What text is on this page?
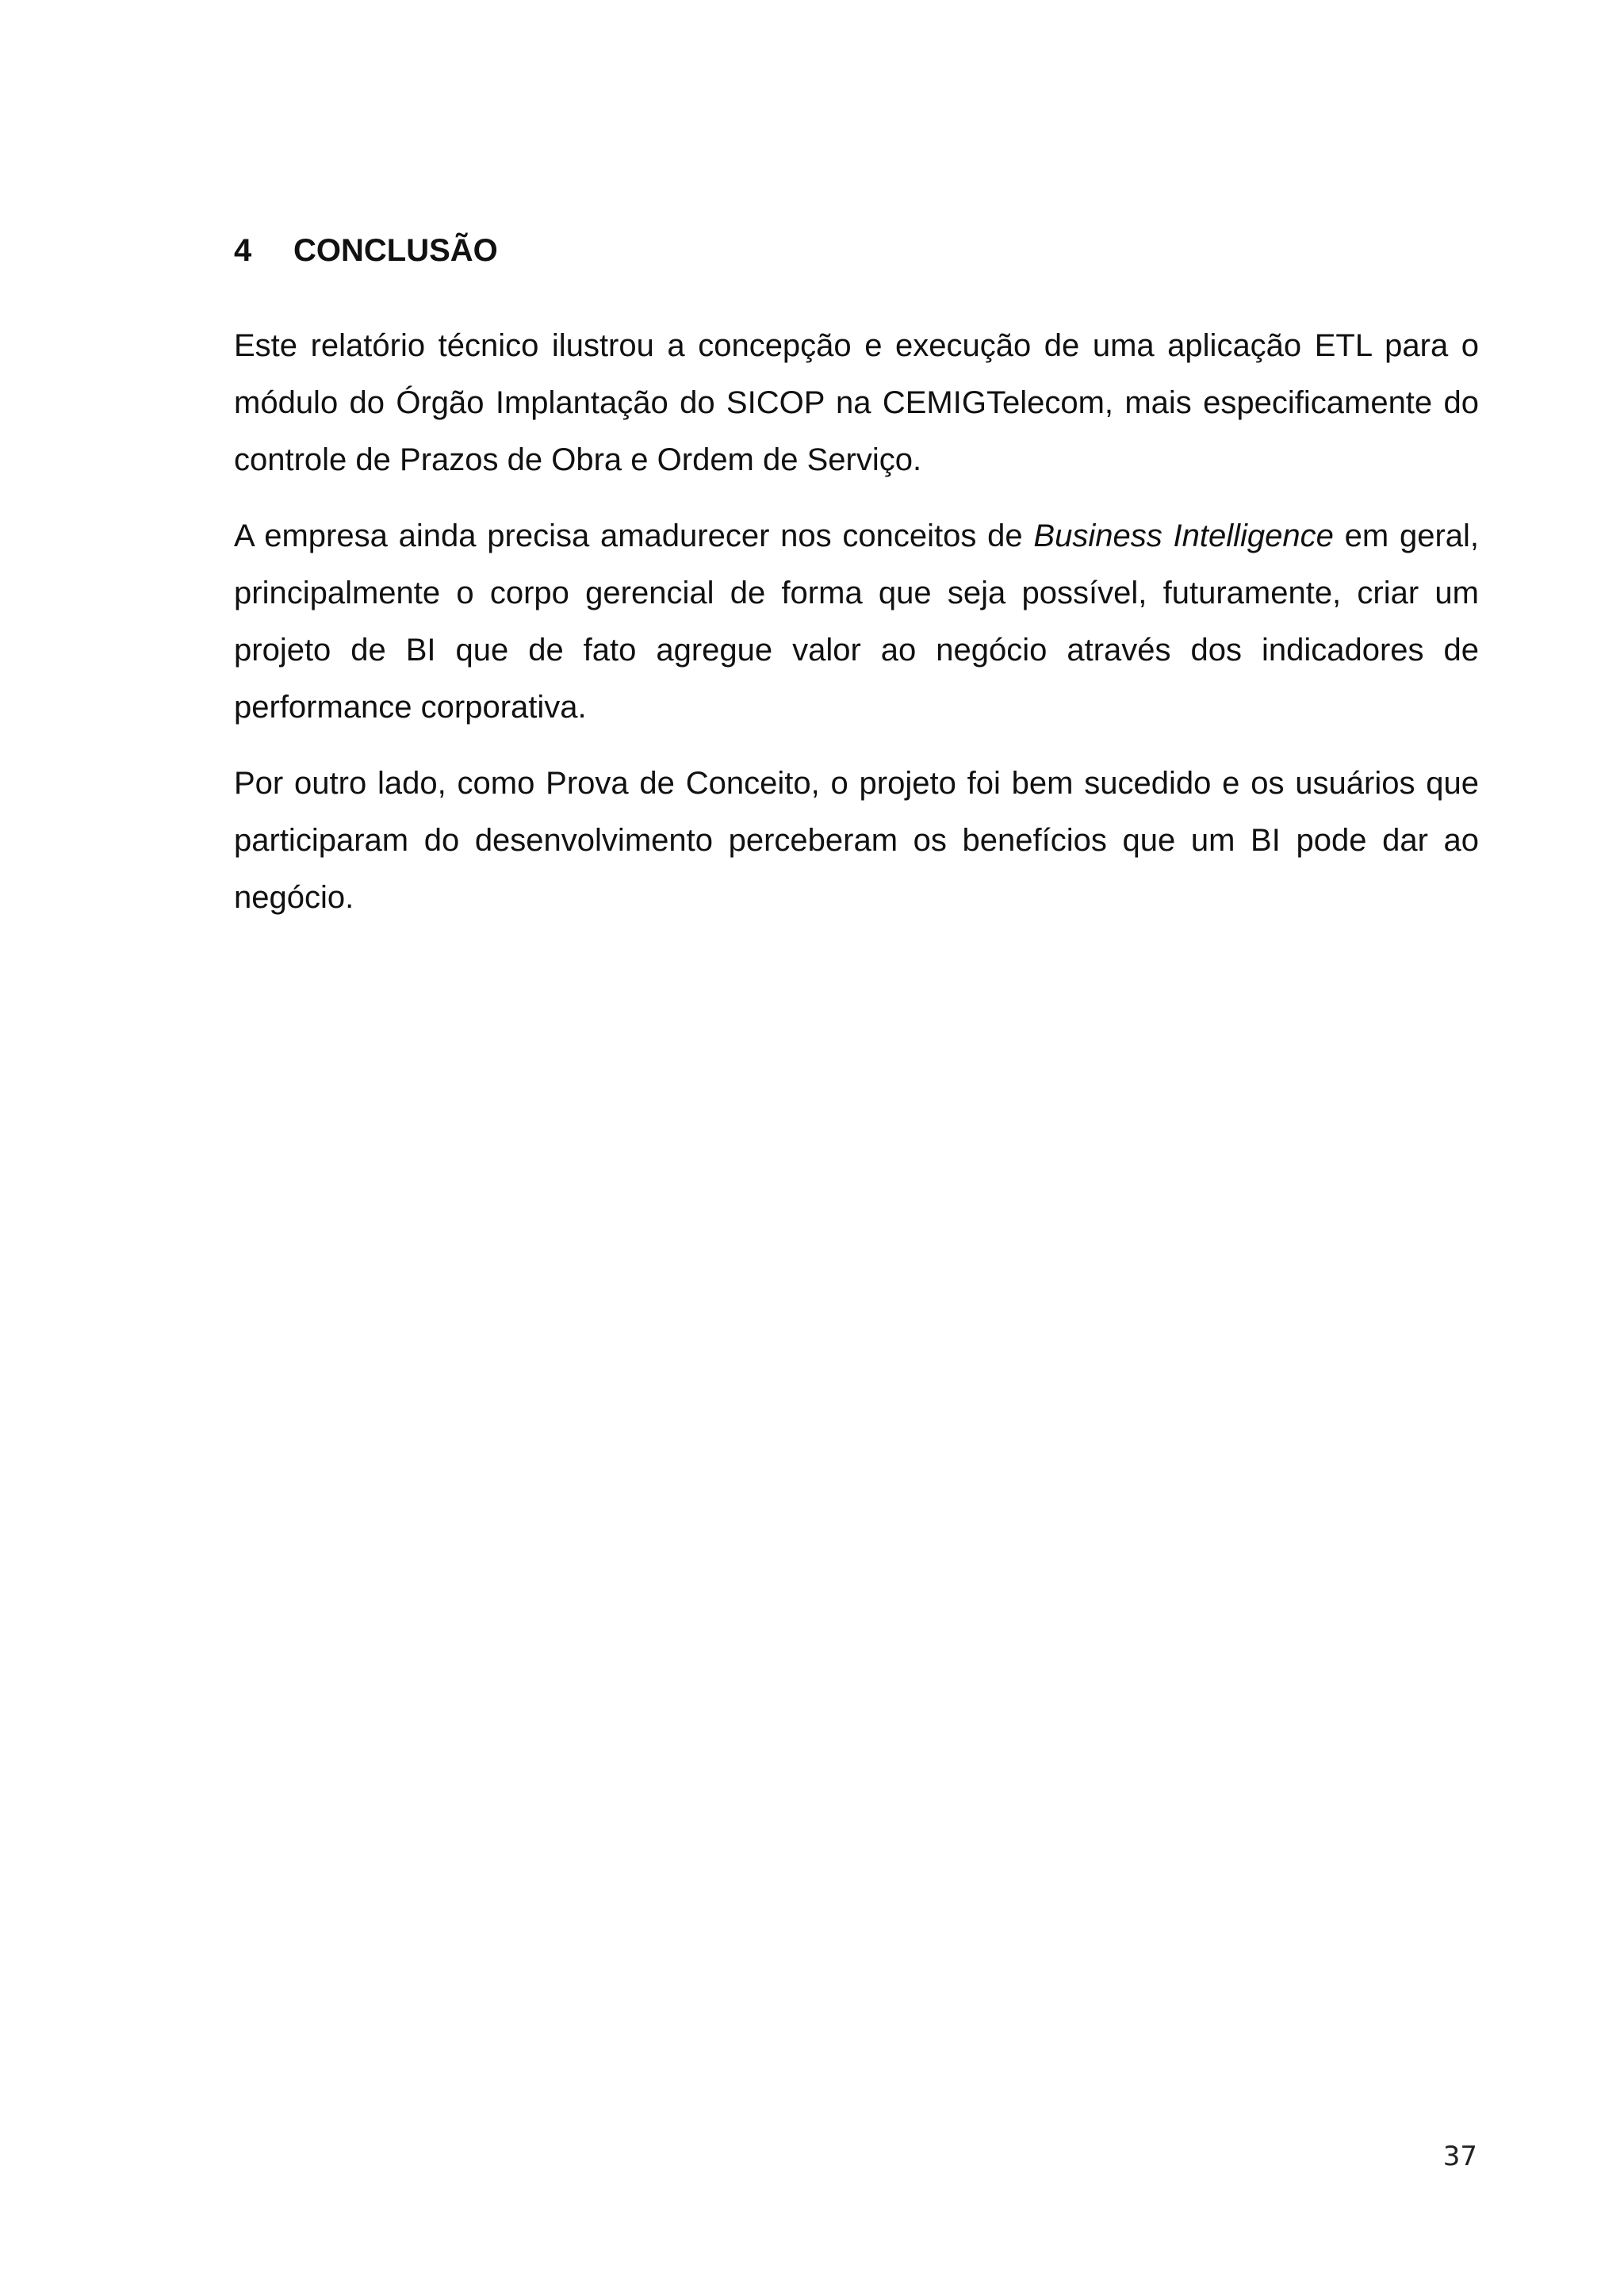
4 CONCLUSÃO

Este relatório técnico ilustrou a concepção e execução de uma aplicação ETL para o módulo do Órgão Implantação do SICOP na CEMIGTelecom, mais especificamente do controle de Prazos de Obra e Ordem de Serviço.

A empresa ainda precisa amadurecer nos conceitos de Business Intelligence em geral, principalmente o corpo gerencial de forma que seja possível, futuramente, criar um projeto de BI que de fato agregue valor ao negócio através dos indicadores de performance corporativa.

Por outro lado, como Prova de Conceito, o projeto foi bem sucedido e os usuários que participaram do desenvolvimento perceberam os benefícios que um BI pode dar ao negócio.

37
